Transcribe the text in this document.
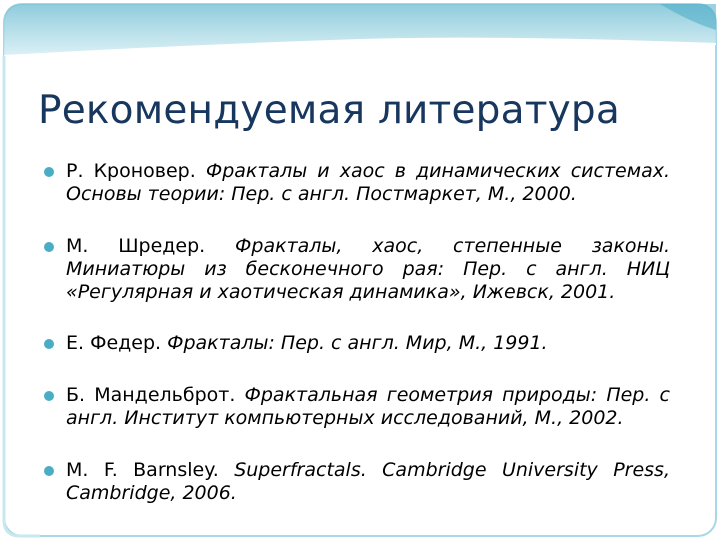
Рекомендуемая литература
Р. Кроновер. Фракталы и хаос в динамических системах. Основы теории: Пер. с англ. Постмаркет, М., 2000.
М. Шредер. Фракталы, хаос, степенные законы. Миниатюры из бесконечного рая: Пер. с англ. НИЦ «Регулярная и хаотическая динамика», Ижевск, 2001.
Е. Федер. Фракталы: Пер. с англ. Мир, М., 1991.
Б. Мандельброт. Фрактальная геометрия природы: Пер. с англ. Институт компьютерных исследований, М., 2002.
M. F. Barnsley. Superfractals. Cambridge University Press, Cambridge, 2006.
